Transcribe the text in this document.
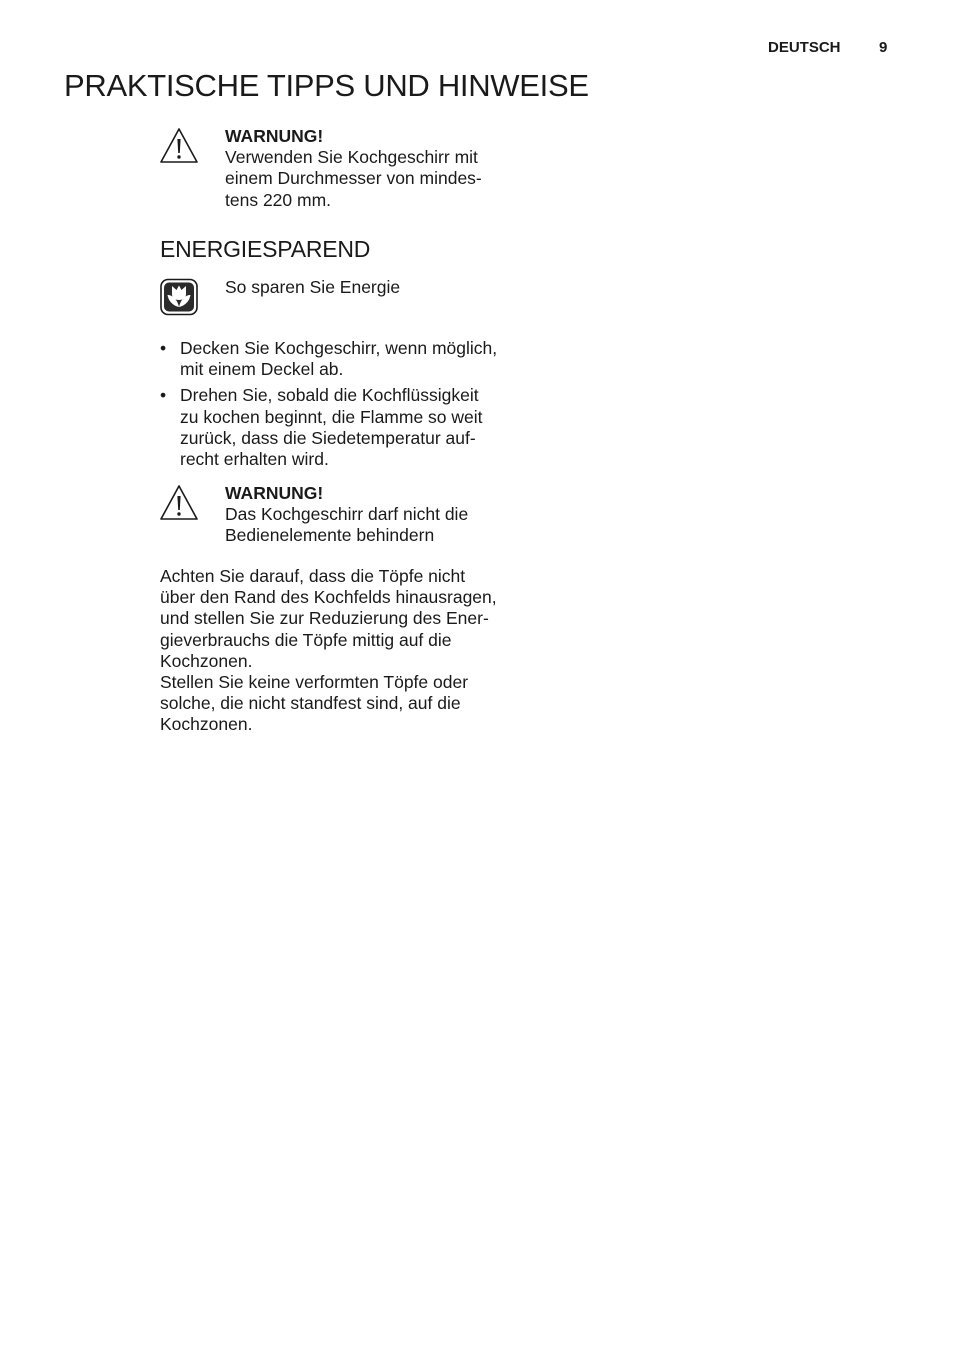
DEUTSCH	9
PRAKTISCHE TIPPS UND HINWEISE
WARNUNG!
Verwenden Sie Kochgeschirr mit
einem Durchmesser von mindes-
tens 220 mm.
ENERGIESPAREND
So sparen Sie Energie
• Decken Sie Kochgeschirr, wenn möglich,
mit einem Deckel ab.
• Drehen Sie, sobald die Kochflüssigkeit
zu kochen beginnt, die Flamme so weit
zurück, dass die Siedetemperatur auf-
recht erhalten wird.
WARNUNG!
Das Kochgeschirr darf nicht die
Bedienelemente behindern
Achten Sie darauf, dass die Töpfe nicht
über den Rand des Kochfelds hinausragen,
und stellen Sie zur Reduzierung des Ener-
gieverbrauchs die Töpfe mittig auf die
Kochzonen.
Stellen Sie keine verformten Töpfe oder
solche, die nicht standfest sind, auf die
Kochzonen.
